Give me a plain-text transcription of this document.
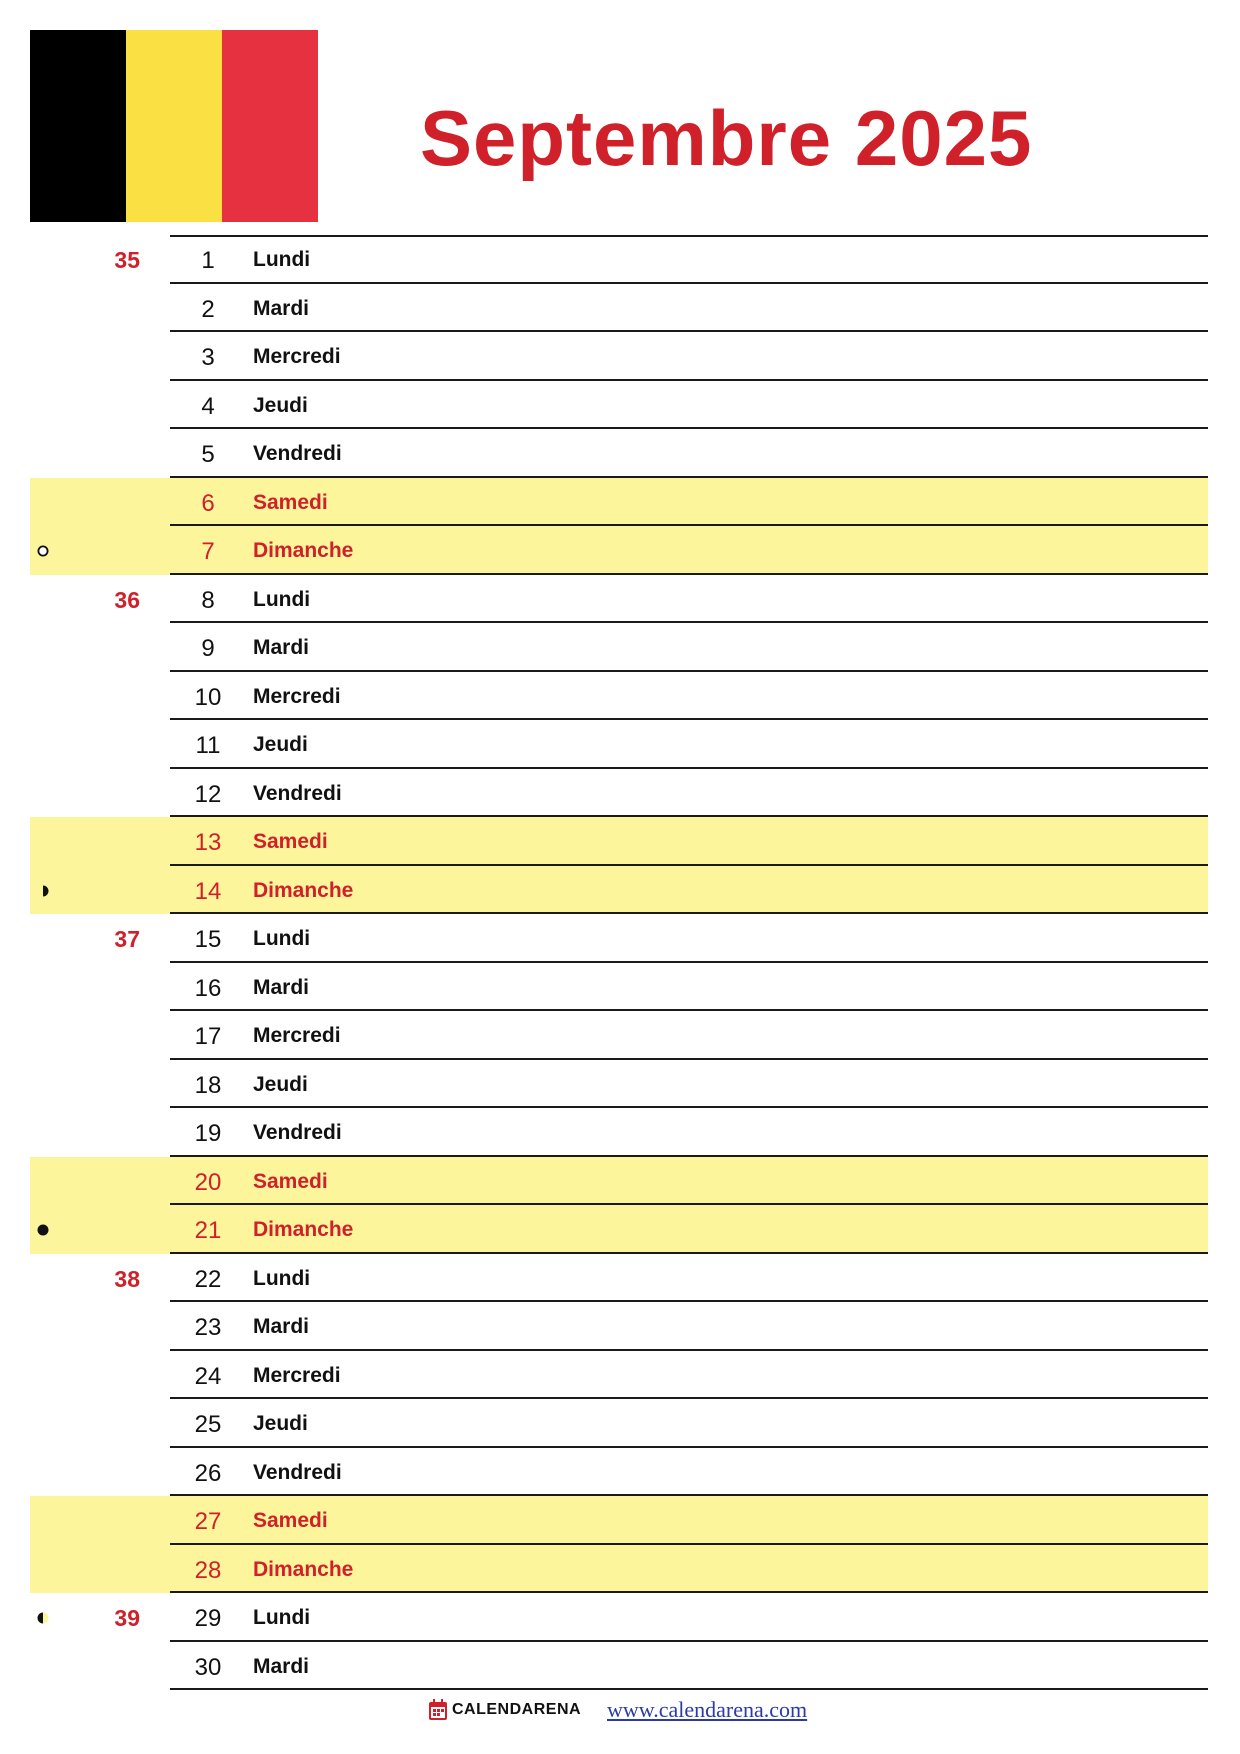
Septembre 2025
35	1	Lundi
2	Mardi
3	Mercredi
4	Jeudi
5	Vendredi
6	Samedi
7	Dimanche
36	8	Lundi
9	Mardi
10	Mercredi
11	Jeudi
12	Vendredi
13	Samedi
14	Dimanche
37	15	Lundi
16	Mardi
17	Mercredi
18	Jeudi
19	Vendredi
20	Samedi
21	Dimanche
38	22	Lundi
23	Mardi
24	Mercredi
25	Jeudi
26	Vendredi
27	Samedi
28	Dimanche
39	29	Lundi
30	Mardi
CALENDARENA www.calendarena.com
